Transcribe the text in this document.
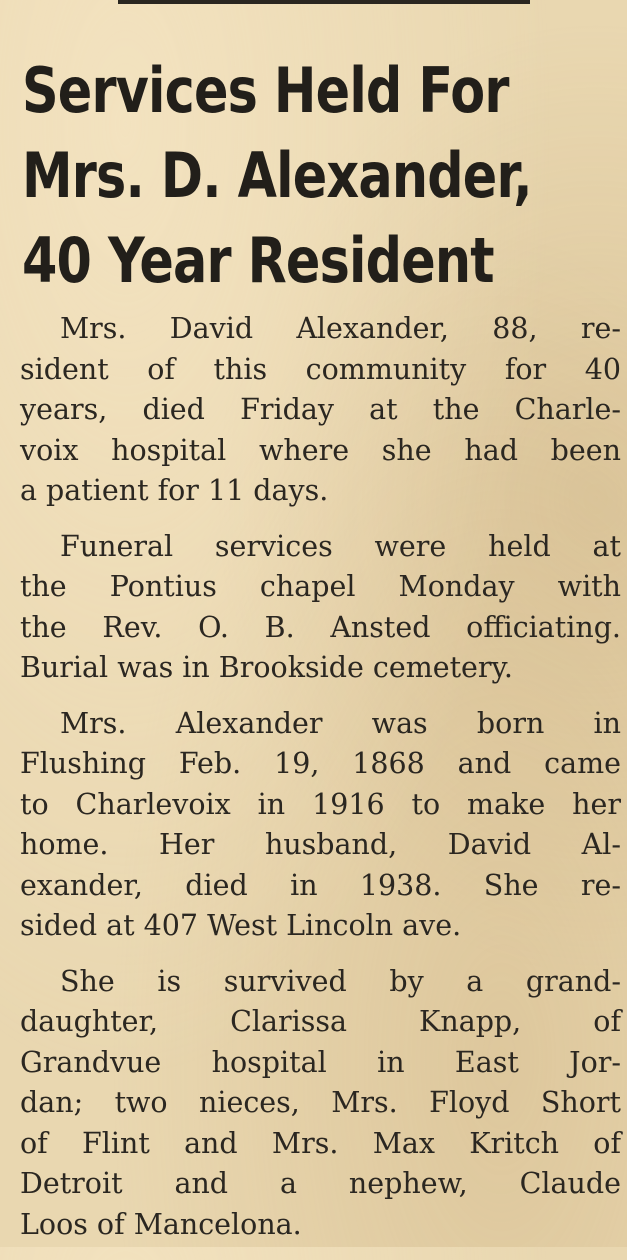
Services Held For
Mrs. D. Alexander,
40 Year Resident

Mrs. David Alexander, 88, re-
sident of this community for 40
years, died Friday at the Charle-
voix hospital where she had been
a patient for 11 days.

Funeral services were held at
the Pontius chapel Monday with
the Rev. O. B. Ansted officiating.
Burial was in Brookside cemetery.

Mrs. Alexander was born in
Flushing Feb. 19, 1868 and came
to Charlevoix in 1916 to make her
home. Her husband, David Al-
exander, died in 1938. She re-
sided at 407 West Lincoln ave.

She is survived by a grand-
daughter, Clarissa Knapp, of
Grandvue hospital in East Jor-
dan; two nieces, Mrs. Floyd Short
of Flint and Mrs. Max Kritch of
Detroit and a nephew, Claude
Loos of Mancelona.
